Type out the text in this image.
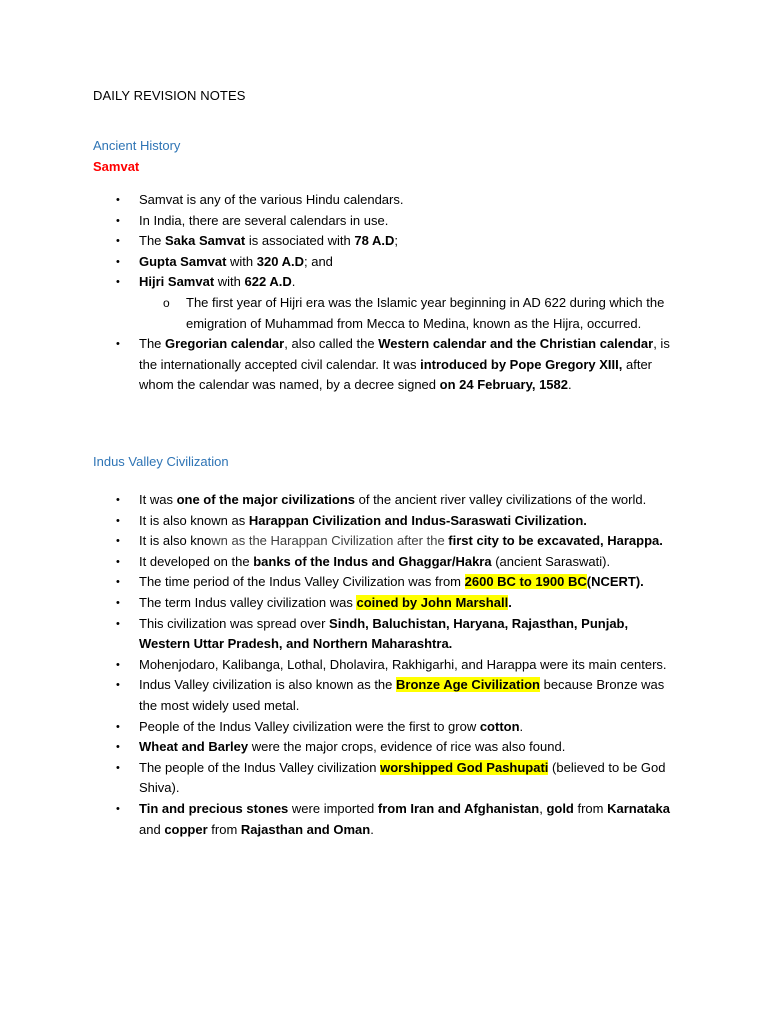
DAILY REVISION NOTES
Ancient History
Samvat
• Samvat is any of the various Hindu calendars.
• In India, there are several calendars in use.
• The Saka Samvat is associated with 78 A.D;
• Gupta Samvat with 320 A.D; and
• Hijri Samvat with 622 A.D.
o The first year of Hijri era was the Islamic year beginning in AD 622 during which the emigration of Muhammad from Mecca to Medina, known as the Hijra, occurred.
• The Gregorian calendar, also called the Western calendar and the Christian calendar, is the internationally accepted civil calendar. It was introduced by Pope Gregory XIII, after whom the calendar was named, by a decree signed on 24 February, 1582.
Indus Valley Civilization
• It was one of the major civilizations of the ancient river valley civilizations of the world.
• It is also known as Harappan Civilization and Indus-Saraswati Civilization.
• It is also known as the Harappan Civilization after the first city to be excavated, Harappa.
• It developed on the banks of the Indus and Ghaggar/Hakra (ancient Saraswati).
• The time period of the Indus Valley Civilization was from 2600 BC to 1900 BC(NCERT).
• The term Indus valley civilization was coined by John Marshall.
• This civilization was spread over Sindh, Baluchistan, Haryana, Rajasthan, Punjab, Western Uttar Pradesh, and Northern Maharashtra.
• Mohenjodaro, Kalibanga, Lothal, Dholavira, Rakhigarhi, and Harappa were its main centers.
• Indus Valley civilization is also known as the Bronze Age Civilization because Bronze was the most widely used metal.
• People of the Indus Valley civilization were the first to grow cotton.
• Wheat and Barley were the major crops, evidence of rice was also found.
• The people of the Indus Valley civilization worshipped God Pashupati (believed to be God Shiva).
• Tin and precious stones were imported from Iran and Afghanistan, gold from Karnataka and copper from Rajasthan and Oman.
